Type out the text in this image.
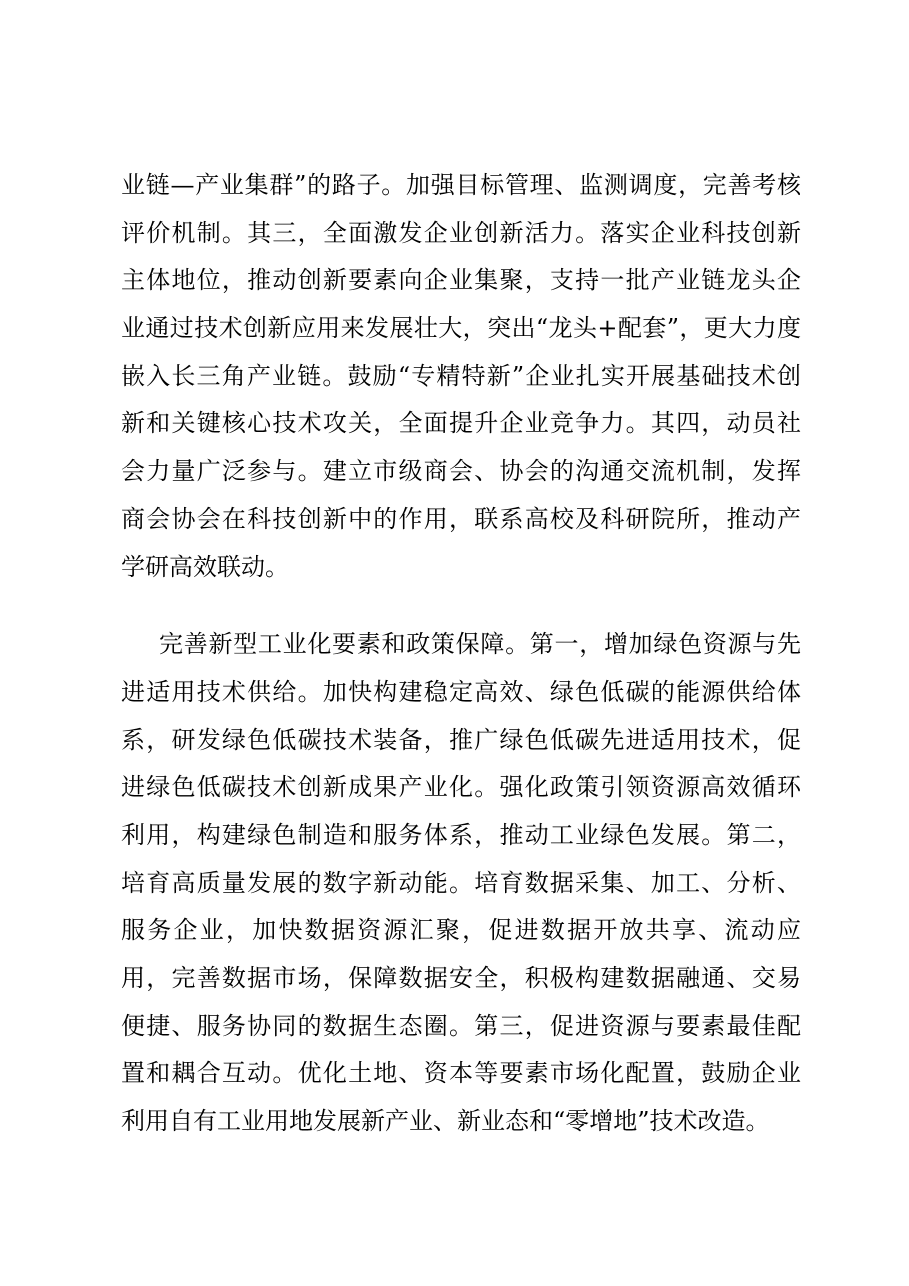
业链—产业集群”的路子。加强目标管理、监测调度，完善考核
评价机制。其三，全面激发企业创新活力。落实企业科技创新
主体地位，推动创新要素向企业集聚，支持一批产业链龙头企
业通过技术创新应用来发展壮大，突出“龙头+配套”，更大力度
嵌入长三角产业链。鼓励“专精特新”企业扎实开展基础技术创
新和关键核心技术攻关，全面提升企业竞争力。其四，动员社
会力量广泛参与。建立市级商会、协会的沟通交流机制，发挥
商会协会在科技创新中的作用，联系高校及科研院所，推动产
学研高效联动。
完善新型工业化要素和政策保障。第一，增加绿色资源与先
进适用技术供给。加快构建稳定高效、绿色低碳的能源供给体
系，研发绿色低碳技术装备，推广绿色低碳先进适用技术，促
进绿色低碳技术创新成果产业化。强化政策引领资源高效循环
利用，构建绿色制造和服务体系，推动工业绿色发展。第二，
培育高质量发展的数字新动能。培育数据采集、加工、分析、
服务企业，加快数据资源汇聚，促进数据开放共享、流动应
用，完善数据市场，保障数据安全，积极构建数据融通、交易
便捷、服务协同的数据生态圈。第三，促进资源与要素最佳配
置和耦合互动。优化土地、资本等要素市场化配置，鼓励企业
利用自有工业用地发展新产业、新业态和“零增地”技术改造。
